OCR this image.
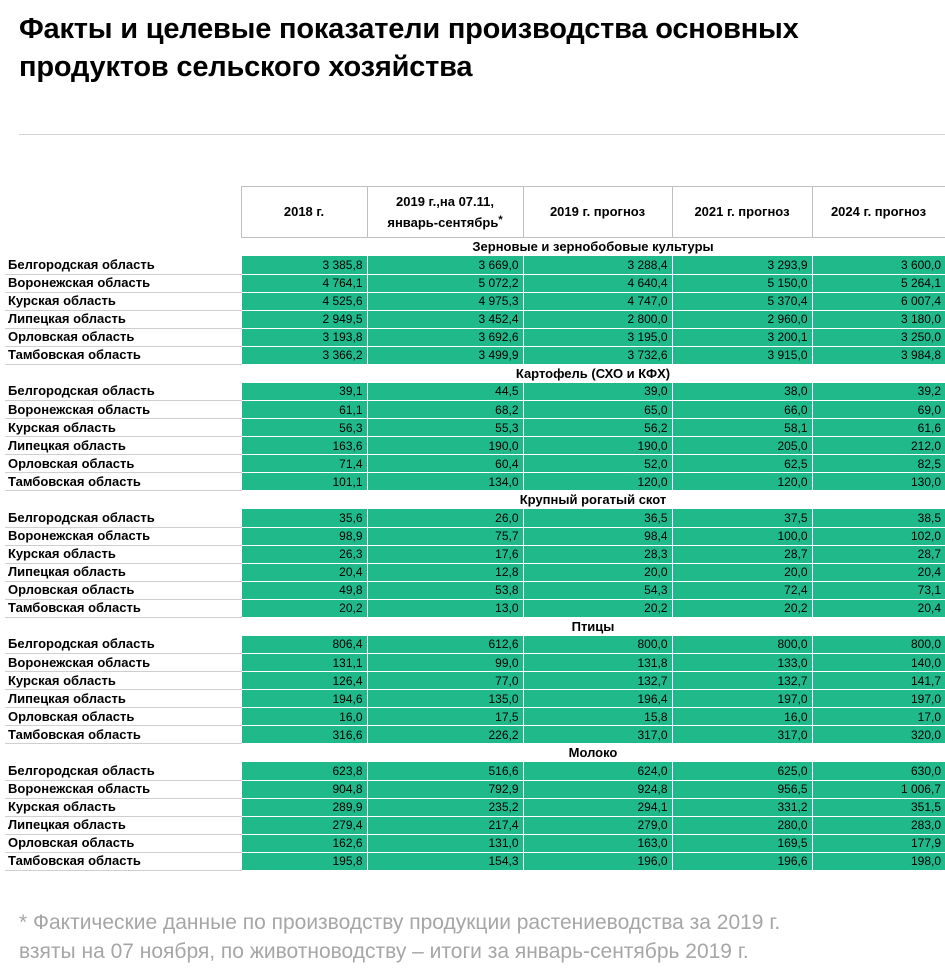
Факты и целевые показатели производства основных
продуктов сельского хозяйства
	2018 г.	2019 г.,на 07.11,
январь-сентябрь*	2019 г. прогноз	2021 г. прогноз	2024 г. прогноз
	Зерновые и зернобобовые культуры				
Белгородская область	3 385,8	3 669,0	3 288,4	3 293,9	3 600,0
Воронежская область	4 764,1	5 072,2	4 640,4	5 150,0	5 264,1
Курская область	4 525,6	4 975,3	4 747,0	5 370,4	6 007,4
Липецкая область	2 949,5	3 452,4	2 800,0	2 960,0	3 180,0
Орловская область	3 193,8	3 692,6	3 195,0	3 200,1	3 250,0
Тамбовская область	3 366,2	3 499,9	3 732,6	3 915,0	3 984,8
	Картофель (СХО и КФХ)				
Белгородская область	39,1	44,5	39,0	38,0	39,2
Воронежская область	61,1	68,2	65,0	66,0	69,0
Курская область	56,3	55,3	56,2	58,1	61,6
Липецкая область	163,6	190,0	190,0	205,0	212,0
Орловская область	71,4	60,4	52,0	62,5	82,5
Тамбовская область	101,1	134,0	120,0	120,0	130,0
	Крупный рогатый скот				
Белгородская область	35,6	26,0	36,5	37,5	38,5
Воронежская область	98,9	75,7	98,4	100,0	102,0
Курская область	26,3	17,6	28,3	28,7	28,7
Липецкая область	20,4	12,8	20,0	20,0	20,4
Орловская область	49,8	53,8	54,3	72,4	73,1
Тамбовская область	20,2	13,0	20,2	20,2	20,4
	Птицы				
Белгородская область	806,4	612,6	800,0	800,0	800,0
Воронежская область	131,1	99,0	131,8	133,0	140,0
Курская область	126,4	77,0	132,7	132,7	141,7
Липецкая область	194,6	135,0	196,4	197,0	197,0
Орловская область	16,0	17,5	15,8	16,0	17,0
Тамбовская область	316,6	226,2	317,0	317,0	320,0
	Молоко				
Белгородская область	623,8	516,6	624,0	625,0	630,0
Воронежская область	904,8	792,9	924,8	956,5	1 006,7
Курская область	289,9	235,2	294,1	331,2	351,5
Липецкая область	279,4	217,4	279,0	280,0	283,0
Орловская область	162,6	131,0	163,0	169,5	177,9
Тамбовская область	195,8	154,3	196,0	196,6	198,0
* Фактические данные по производству продукции растениеводства за 2019 г.
взяты на 07 ноября, по животноводству – итоги за январь-сентябрь 2019 г.
